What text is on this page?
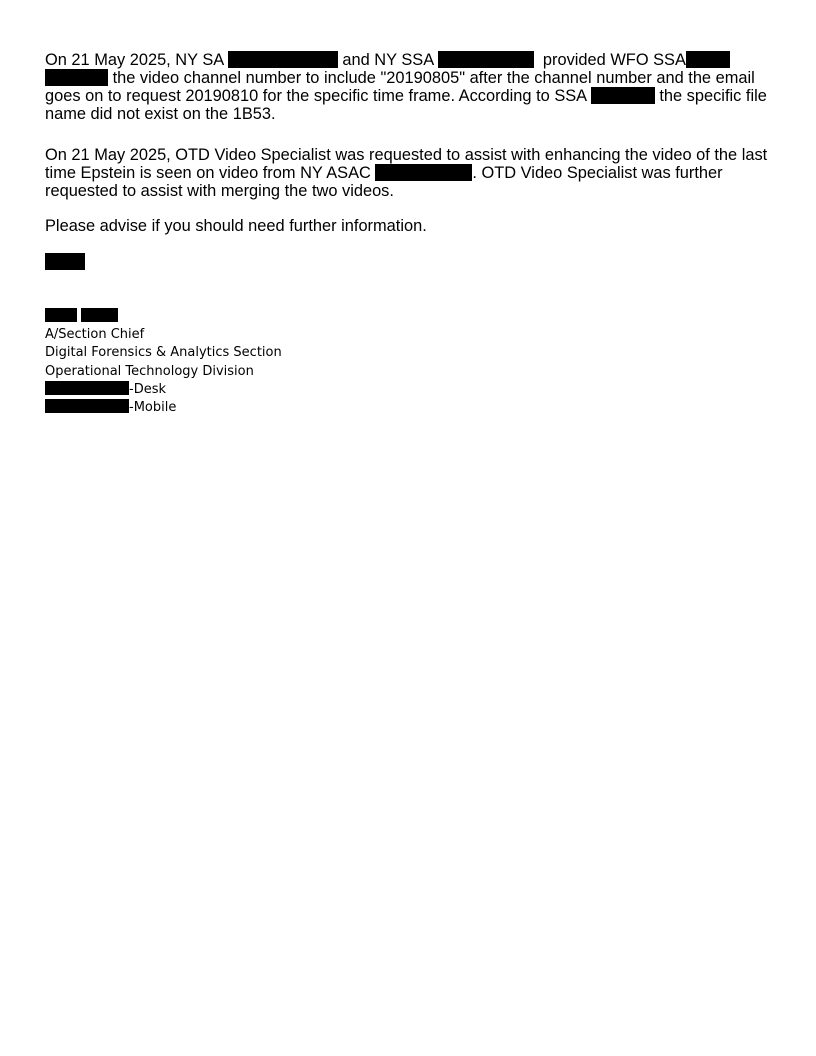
On 21 May 2025, NY SA	and NY SSA	provided WFO SSA
the video channel number to include "20190805" after the channel number and the email
goes on to request 20190810 for the specific time frame. According to SSA	the specific file
name did not exist on the 1B53.
On 21 May 2025, OTD Video Specialist was requested to assist with enhancing the video of the last
time Epstein is seen on video from NY ASAC	. OTD Video Specialist was further
requested to assist with merging the two videos.
Please advise if you should need further information.

A/Section Chief
Digital Forensics & Analytics Section
Operational Technology Division
-Desk
-Mobile
